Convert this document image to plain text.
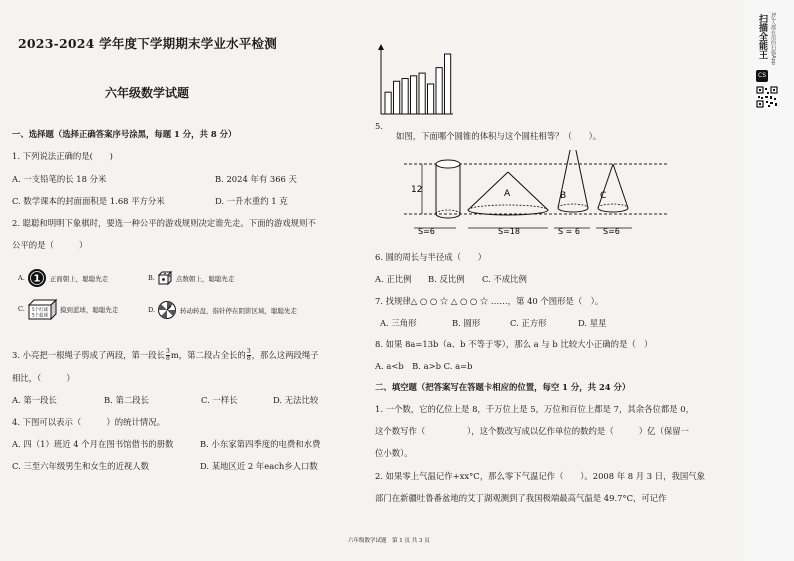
2023-2024 学年度下学期期末学业水平检测
六年级数学试题
一、选择题（选择正确答案序号涂黑，每题 1 分，共 8 分）
1. 下列说法正确的是(　　)
A. 一支铅笔的长 18 分米	B. 2024 年有 366 天
C. 数学课本的封面面积是 1.68 平方分米	D. 一升水重约 1 克
2. 聪聪和明明下象棋时，要选一种公平的游戏规则决定谁先走。下面的游戏规则不
公平的是（　　　）
A. 1 正面朝上，聪聪先走	B.	点数朝上，聪聪先走
C. 5个红球
5个蓝球
摸到蓝球，聪聪先走	D.	转动转盘，指针停在阴影区域，聪聪先走
3. 小亮把一根绳子剪成了两段，第一段长 $\frac{3}{8}$ m，第二段占全长的 $\frac{3}{8}$ ，那么这两段绳子
相比，（　　　）
A. 第一段长	B. 第二段长	C. 一样长	D. 无法比较
4. 下图可以表示（　　　）的统计情况。
A. 四（1）班近 4 个月在图书馆借书的册数	B. 小东家第四季度的电费和水费
C. 三至六年级男生和女生的近视人数	D. 某地区近 2 年each乡人口数
5.
如图，下面哪个圆锥的体积与这个圆柱相等？（　　）。
12	A	B	C
S=6	S=18	S = 6	S=6
6. 圆的周长与半径成（　　）
A. 正比例 B. 反比例 C. 不成比例
7. 找规律△ ○ ○ ☆ △ ○ ○ ☆ ……，第 40 个图形是（　）。
A. 三角形	B. 圆形	C. 正方形	D. 星星
8. 如果 8a=13b（a、b 不等于零），那么 a 与 b 比较大小正确的是（　）
A. a<b　B. a>b C. a=b
二、填空题（把答案写在答题卡相应的位置，每空 1 分，共 24 分）
1. 一个数，它的亿位上是 8，千万位上是 5，万位和百位上都是 7，其余各位都是 0，
这个数写作（　　　　　），这个数改写成以亿作单位的数约是（　　　）亿（保留一
位小数）。
2. 如果零上气温记作+xx°C，那么零下气温记作（　　）。2008 年 8 月 3 日，我国气象
部门在新疆吐鲁番盆地的艾丁湖观测到了我国极端最高气温是 49.7°C，可记作
六年级数学试题　第 1 页 共 3 页
CS
扫描全能王 3亿人都在用的扫描App
